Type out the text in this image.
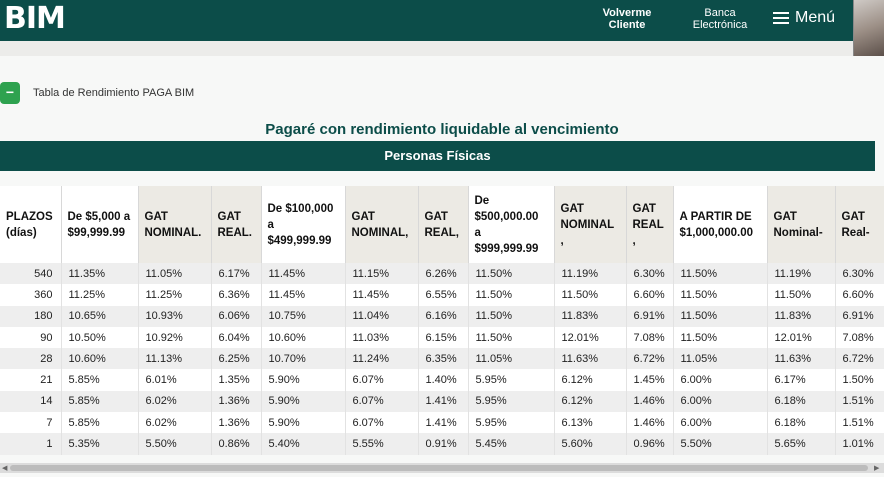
BIM	Volverme Cliente
Banca Electrónica	Menú
−	Tabla de Rendimiento PAGA BIM
Pagaré con rendimiento liquidable al vencimiento
Personas Físicas
PLAZOS (días)	De $5,000 a $99,999.99	GAT NOMINAL.	GAT REAL.	De $100,000 a $499,999.99	GAT NOMINAL,	GAT REAL,	De $500,000.00 a $999,999.99	GAT NOMINAL ,	GAT REAL ,	A PARTIR DE $1,000,000.00	GAT Nominal-	GAT Real-
540	11.35%	11.05%	6.17%	11.45%	11.15%	6.26%	11.50%	11.19%	6.30%	11.50%	11.19%	6.30%
360	11.25%	11.25%	6.36%	11.45%	11.45%	6.55%	11.50%	11.50%	6.60%	11.50%	11.50%	6.60%
180	10.65%	10.93%	6.06%	10.75%	11.04%	6.16%	11.50%	11.83%	6.91%	11.50%	11.83%	6.91%
90	10.50%	10.92%	6.04%	10.60%	11.03%	6.15%	11.50%	12.01%	7.08%	11.50%	12.01%	7.08%
28	10.60%	11.13%	6.25%	10.70%	11.24%	6.35%	11.05%	11.63%	6.72%	11.05%	11.63%	6.72%
21	5.85%	6.01%	1.35%	5.90%	6.07%	1.40%	5.95%	6.12%	1.45%	6.00%	6.17%	1.50%
14	5.85%	6.02%	1.36%	5.90%	6.07%	1.41%	5.95%	6.12%	1.46%	6.00%	6.18%	1.51%
7	5.85%	6.02%	1.36%	5.90%	6.07%	1.41%	5.95%	6.13%	1.46%	6.00%	6.18%	1.51%
1	5.35%	5.50%	0.86%	5.40%	5.55%	0.91%	5.45%	5.60%	0.96%	5.50%	5.65%	1.01%
◀	▶
